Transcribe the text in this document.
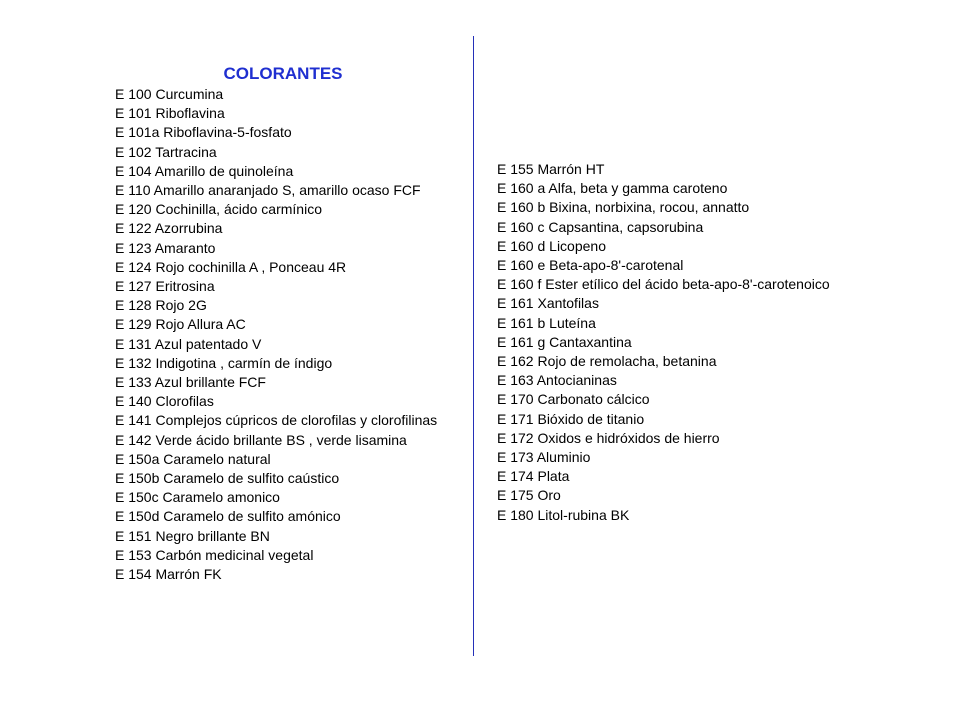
COLORANTES
E 100 Curcumina
E 101 Riboflavina
E 101a Riboflavina-5-fosfato
E 102 Tartracina
E 104 Amarillo de quinoleína
E 110 Amarillo anaranjado S, amarillo ocaso FCF
E 120 Cochinilla, ácido carmínico
E 122 Azorrubina
E 123 Amaranto
E 124 Rojo cochinilla A , Ponceau 4R
E 127 Eritrosina
E 128 Rojo 2G
E 129 Rojo Allura AC
E 131 Azul patentado V
E 132 Indigotina , carmín de índigo
E 133 Azul brillante FCF
E 140 Clorofilas
E 141 Complejos cúpricos de clorofilas y clorofilinas
E 142 Verde ácido brillante BS , verde lisamina
E 150a Caramelo natural
E 150b Caramelo de sulfito caústico
E 150c Caramelo amonico
E 150d Caramelo de sulfito amónico
E 151 Negro brillante BN
E 153 Carbón medicinal vegetal
E 154 Marrón FK
E 155 Marrón HT
E 160 a Alfa, beta y gamma caroteno
E 160 b Bixina, norbixina, rocou, annatto
E 160 c Capsantina, capsorubina
E 160 d Licopeno
E 160 e Beta-apo-8'-carotenal
E 160 f Ester etílico del ácido beta-apo-8'-carotenoico
E 161 Xantofilas
E 161 b Luteína
E 161 g Cantaxantina
E 162 Rojo de remolacha, betanina
E 163 Antocianinas
E 170 Carbonato cálcico
E 171 Bióxido de titanio
E 172 Oxidos e hidróxidos de hierro
E 173 Aluminio
E 174 Plata
E 175 Oro
E 180 Litol-rubina BK
